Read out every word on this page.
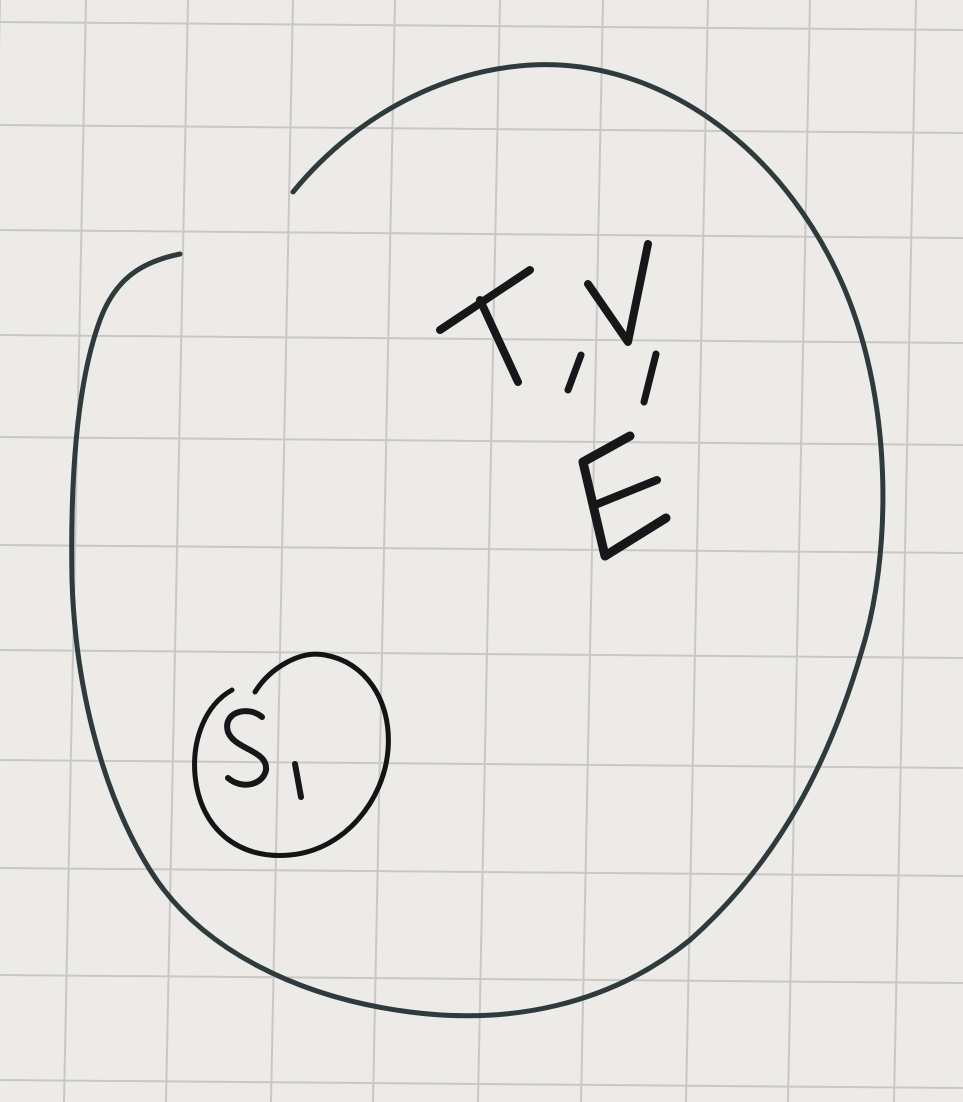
T
V
E
S₁
hand-drawn set diagram on grid paper
